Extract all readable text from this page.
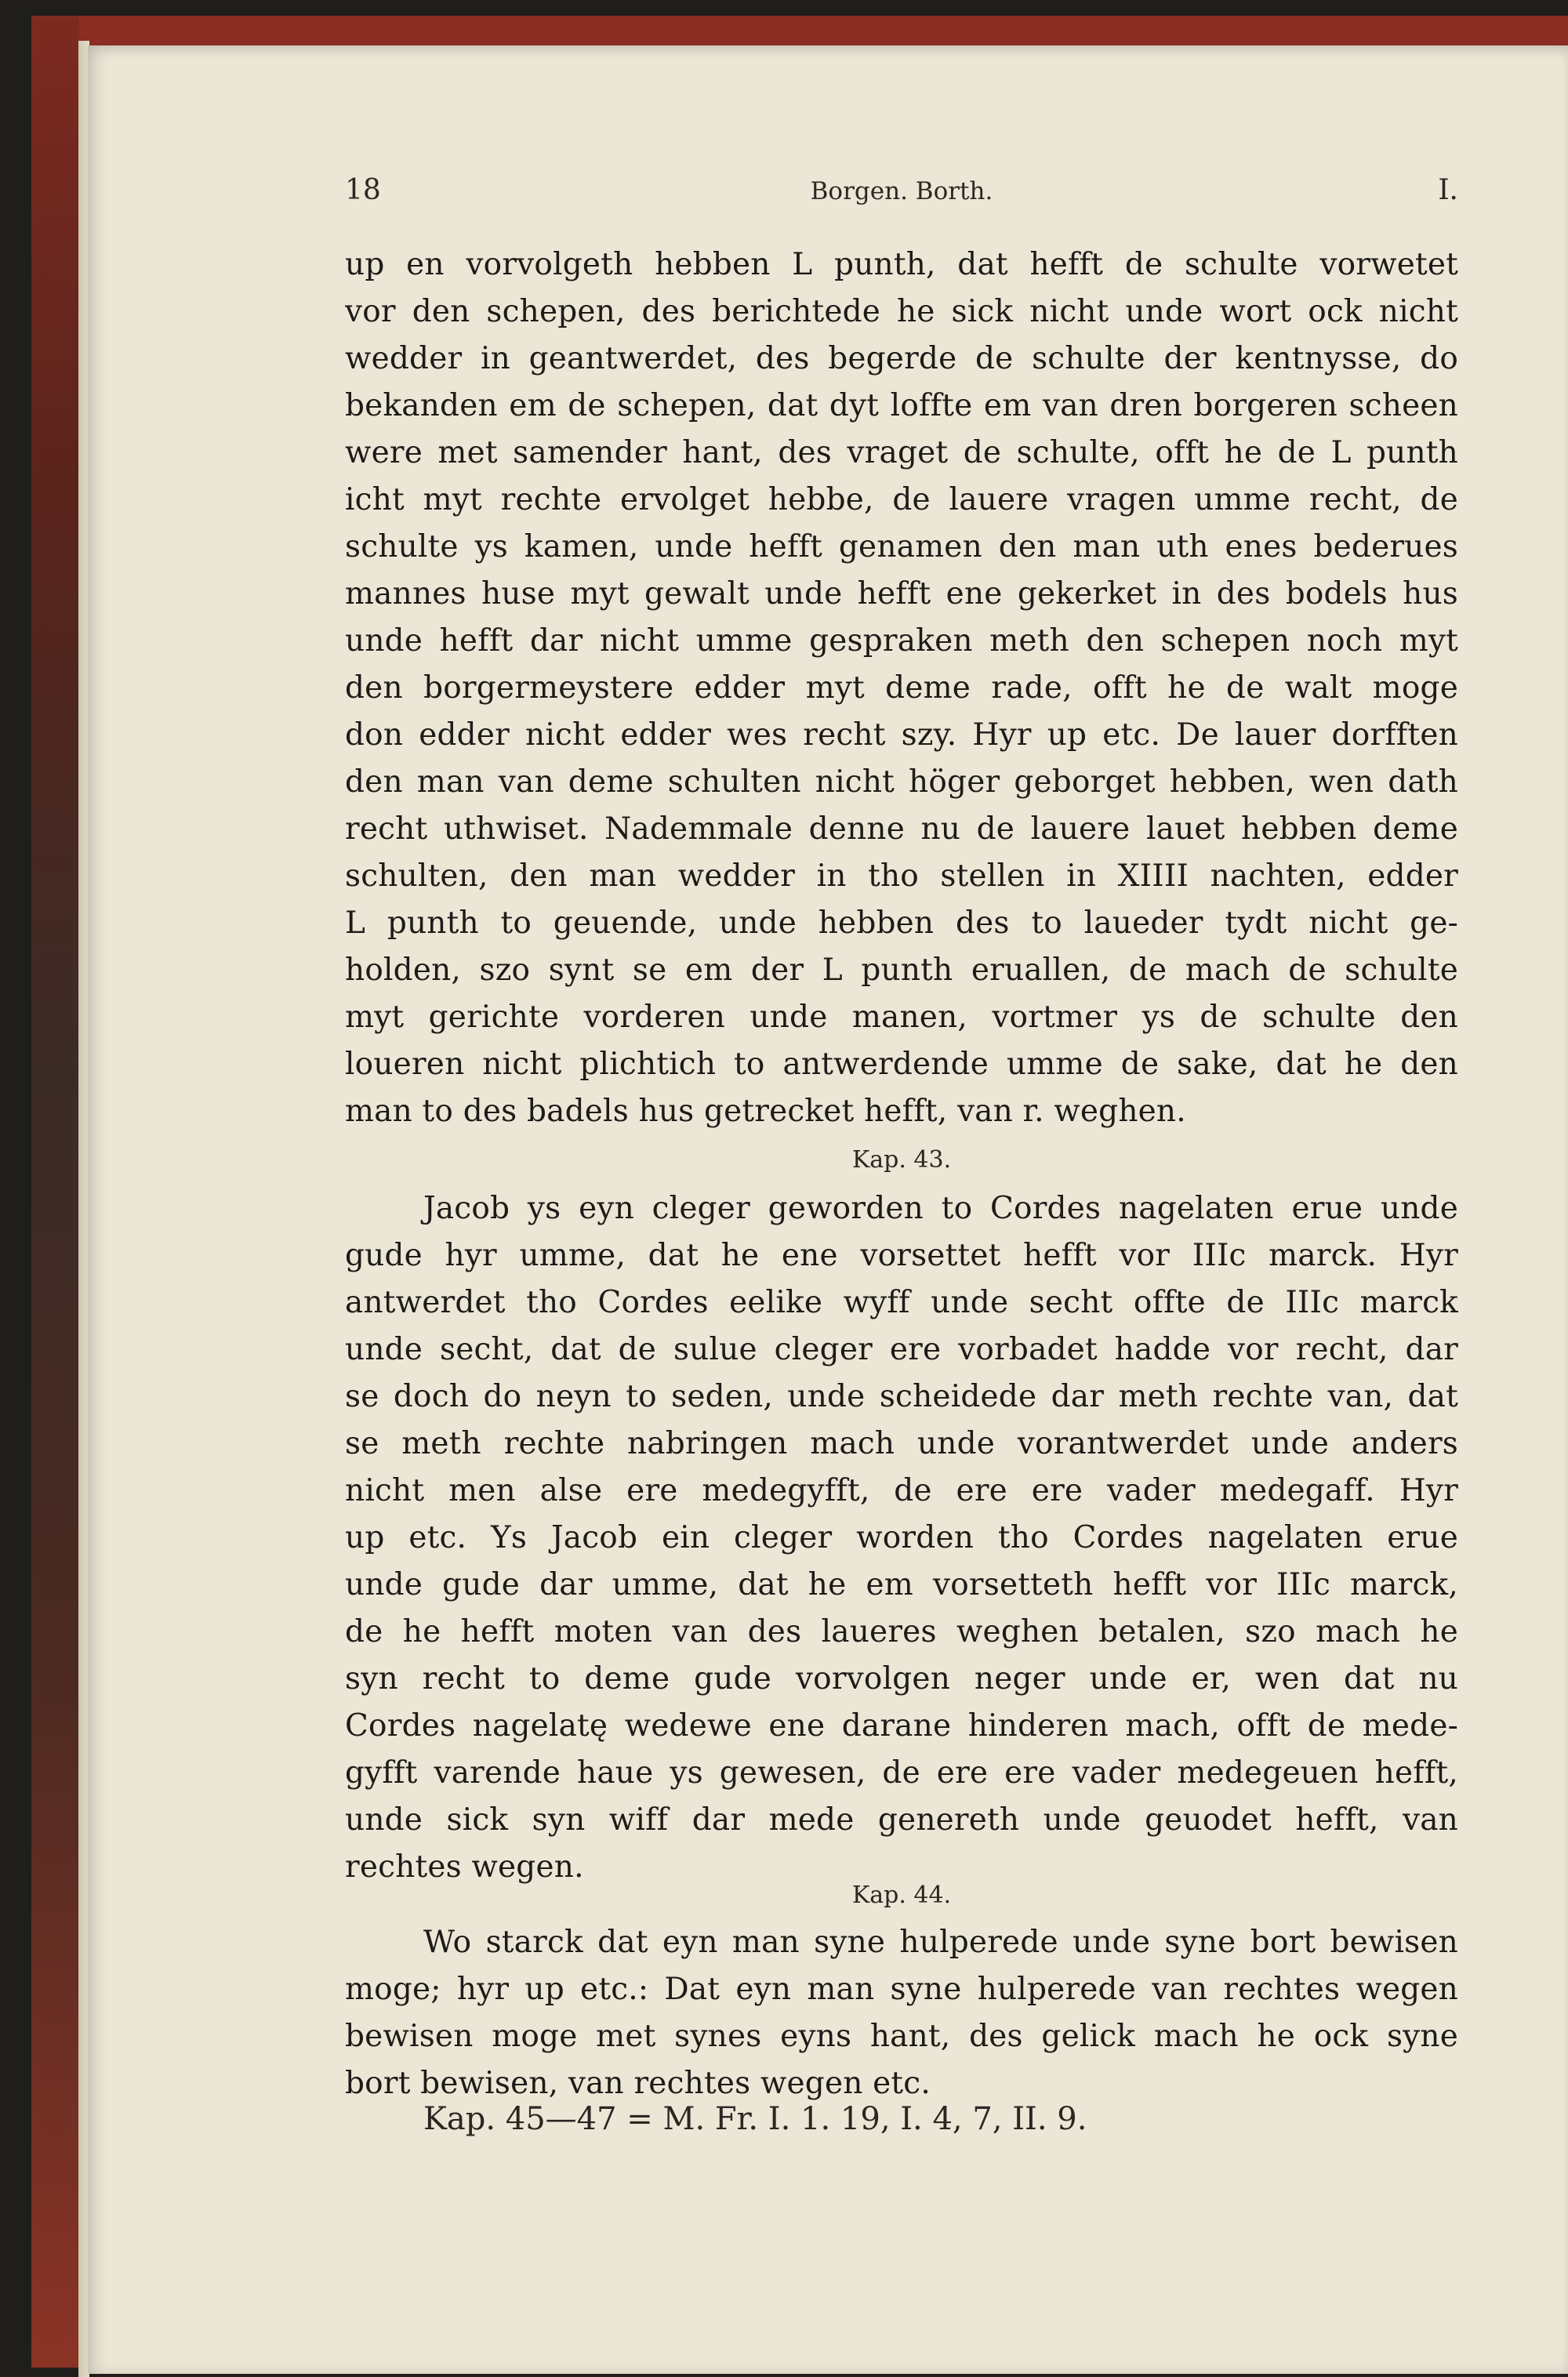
18	Borgen. Borth.	I.
up en vorvolgeth hebben L punth, dat hefft de schulte vorwetet
vor den schepen, des berichtede he sick nicht unde wort ock nicht
wedder in geantwerdet, des begerde de schulte der kentnysse, do
bekanden em de schepen, dat dyt loffte em van dren borgeren scheen
were met samender hant, des vraget de schulte, offt he de L punth
icht myt rechte ervolget hebbe, de lauere vragen umme recht, de
schulte ys kamen, unde hefft genamen den man uth enes bederues
mannes huse myt gewalt unde hefft ene gekerket in des bodels hus
unde hefft dar nicht umme gespraken meth den schepen noch myt
den borgermeystere edder myt deme rade, offt he de walt moge
don edder nicht edder wes recht szy. Hyr up etc. De lauer dorfften
den man van deme schulten nicht höger geborget hebben, wen dath
recht uthwiset. Nademmale denne nu de lauere lauet hebben deme
schulten, den man wedder in tho stellen in XIIII nachten, edder
L punth to geuende, unde hebben des to laueder tydt nicht ge-
holden, szo synt se em der L punth eruallen, de mach de schulte
myt gerichte vorderen unde manen, vortmer ys de schulte den
loueren nicht plichtich to antwerdende umme de sake, dat he den
man to des badels hus getrecket hefft, van r. weghen.
Kap. 43.
Jacob ys eyn cleger geworden to Cordes nagelaten erue unde
gude hyr umme, dat he ene vorsettet hefft vor IIIc marck. Hyr
antwerdet tho Cordes eelike wyff unde secht offte de IIIc marck
unde secht, dat de sulue cleger ere vorbadet hadde vor recht, dar
se doch do neyn to seden, unde scheidede dar meth rechte van, dat
se meth rechte nabringen mach unde vorantwerdet unde anders
nicht men alse ere medegyfft, de ere ere vader medegaff. Hyr
up etc. Ys Jacob ein cleger worden tho Cordes nagelaten erue
unde gude dar umme, dat he em vorsetteth hefft vor IIIc marck,
de he hefft moten van des laueres weghen betalen, szo mach he
syn recht to deme gude vorvolgen neger unde er, wen dat nu
Cordes nagelatę wedewe ene darane hinderen mach, offt de mede-
gyfft varende haue ys gewesen, de ere ere vader medegeuen hefft,
unde sick syn wiff dar mede genereth unde geuodet hefft, van
rechtes wegen.
Kap. 44.
Wo starck dat eyn man syne hulperede unde syne bort bewisen
moge; hyr up etc.: Dat eyn man syne hulperede van rechtes wegen
bewisen moge met synes eyns hant, des gelick mach he ock syne
bort bewisen, van rechtes wegen etc.
Kap. 45—47 = M. Fr. I. 1. 19, I. 4, 7, II. 9.
